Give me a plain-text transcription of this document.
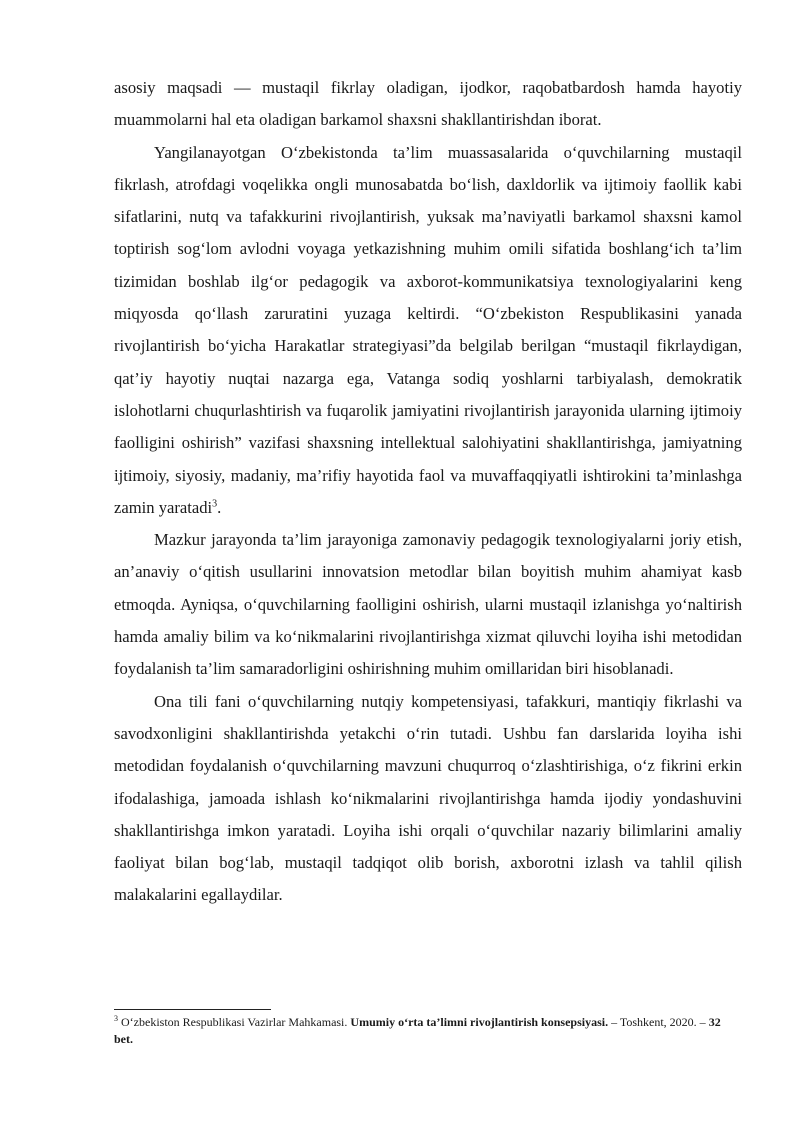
asosiy maqsadi — mustaqil fikrlay oladigan, ijodkor, raqobatbardosh hamda hayotiy muammolarni hal eta oladigan barkamol shaxsni shakllantirishdan iborat.

Yangilanayotgan O‘zbekistonda ta’lim muassasalarida o‘quvchilarning mustaqil fikrlash, atrofdagi voqelikka ongli munosabatda bo‘lish, daxldorlik va ijtimoiy faollik kabi sifatlarini, nutq va tafakkurini rivojlantirish, yuksak ma’naviyatli barkamol shaxsni kamol toptirish sog‘lom avlodni voyaga yetkazishning muhim omili sifatida boshlang‘ich ta’lim tizimidan boshlab ilg‘or pedagogik va axborot-kommunikatsiya texnologiyalarini keng miqyosda qo‘llash zaruratini yuzaga keltirdi. “O‘zbekiston Respublikasini yanada rivojlantirish bo‘yicha Harakatlar strategiyasi”da belgilab berilgan “mustaqil fikrlaydigan, qat’iy hayotiy nuqtai nazarga ega, Vatanga sodiq yoshlarni tarbiyalash, demokratik islohotlarni chuqurlashtirish va fuqarolik jamiyatini rivojlantirish jarayonida ularning ijtimoiy faolligini oshirish” vazifasi shaxsning intellektual salohiyatini shakllantirishga, jamiyatning ijtimoiy, siyosiy, madaniy, ma’rifiy hayotida faol va muvaffaqqiyatli ishtirokini ta’minlashga zamin yaratadi$^3$.

Mazkur jarayonda ta’lim jarayoniga zamonaviy pedagogik texnologiyalarni joriy etish, an’anaviy o‘qitish usullarini innovatsion metodlar bilan boyitish muhim ahamiyat kasb etmoqda. Ayniqsa, o‘quvchilarning faolligini oshirish, ularni mustaqil izlanishga yo‘naltirish hamda amaliy bilim va ko‘nikmalarini rivojlantirishga xizmat qiluvchi loyiha ishi metodidan foydalanish ta’lim samaradorligini oshirishning muhim omillaridan biri hisoblanadi.

Ona tili fani o‘quvchilarning nutqiy kompetensiyasi, tafakkuri, mantiqiy fikrlashi va savodxonligini shakllantirishda yetakchi o‘rin tutadi. Ushbu fan darslarida loyiha ishi metodidan foydalanish o‘quvchilarning mavzuni chuqurroq o‘zlashtirishiga, o‘z fikrini erkin ifodalashiga, jamoada ishlash ko‘nikmalarini rivojlantirishga hamda ijodiy yondashuvini shakllantirishga imkon yaratadi. Loyiha ishi orqali o‘quvchilar nazariy bilimlarini amaliy faoliyat bilan bog‘lab, mustaqil tadqiqot olib borish, axborotni izlash va tahlil qilish malakalarini egallaydilar.

$^3$ O‘zbekiston Respublikasi Vazirlar Mahkamasi. Umumiy o‘rta ta’limni rivojlantirish konsepsiyasi. – Toshkent, 2020. – 32 bet.
